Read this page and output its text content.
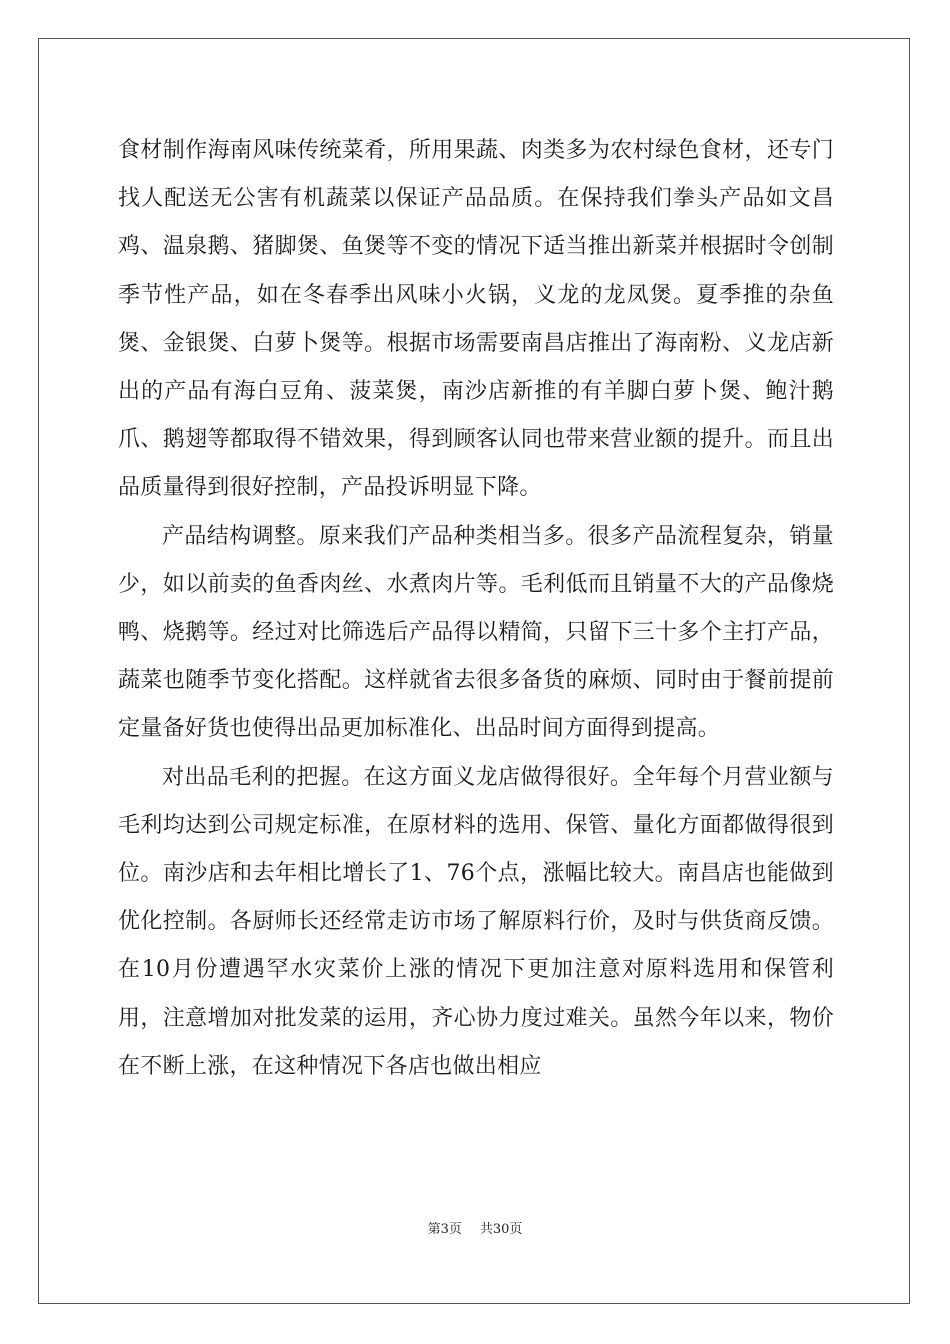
食材制作海南风味传统菜肴，所用果蔬、肉类多为农村绿色食材，还专门找人配送无公害有机蔬菜以保证产品品质。在保持我们拳头产品如文昌鸡、温泉鹅、猪脚煲、鱼煲等不变的情况下适当推出新菜并根据时令创制季节性产品，如在冬春季出风味小火锅，义龙的龙凤煲。夏季推的杂鱼煲、金银煲、白萝卜煲等。根据市场需要南昌店推出了海南粉、义龙店新出的产品有海白豆角、菠菜煲，南沙店新推的有羊脚白萝卜煲、鲍汁鹅爪、鹅翅等都取得不错效果，得到顾客认同也带来营业额的提升。而且出品质量得到很好控制，产品投诉明显下降。

产品结构调整。原来我们产品种类相当多。很多产品流程复杂，销量少，如以前卖的鱼香肉丝、水煮肉片等。毛利低而且销量不大的产品像烧鸭、烧鹅等。经过对比筛选后产品得以精简，只留下三十多个主打产品，蔬菜也随季节变化搭配。这样就省去很多备货的麻烦、同时由于餐前提前定量备好货也使得出品更加标准化、出品时间方面得到提高。

对出品毛利的把握。在这方面义龙店做得很好。全年每个月营业额与毛利均达到公司规定标准，在原材料的选用、保管、量化方面都做得很到位。南沙店和去年相比增长了1、76个点，涨幅比较大。南昌店也能做到优化控制。各厨师长还经常走访市场了解原料行价，及时与供货商反馈。在10月份遭遇罕水灾菜价上涨的情况下更加注意对原料选用和保管利用，注意增加对批发菜的运用，齐心协力度过难关。虽然今年以来，物价在不断上涨，在这种情况下各店也做出相应

第3页 共30页
